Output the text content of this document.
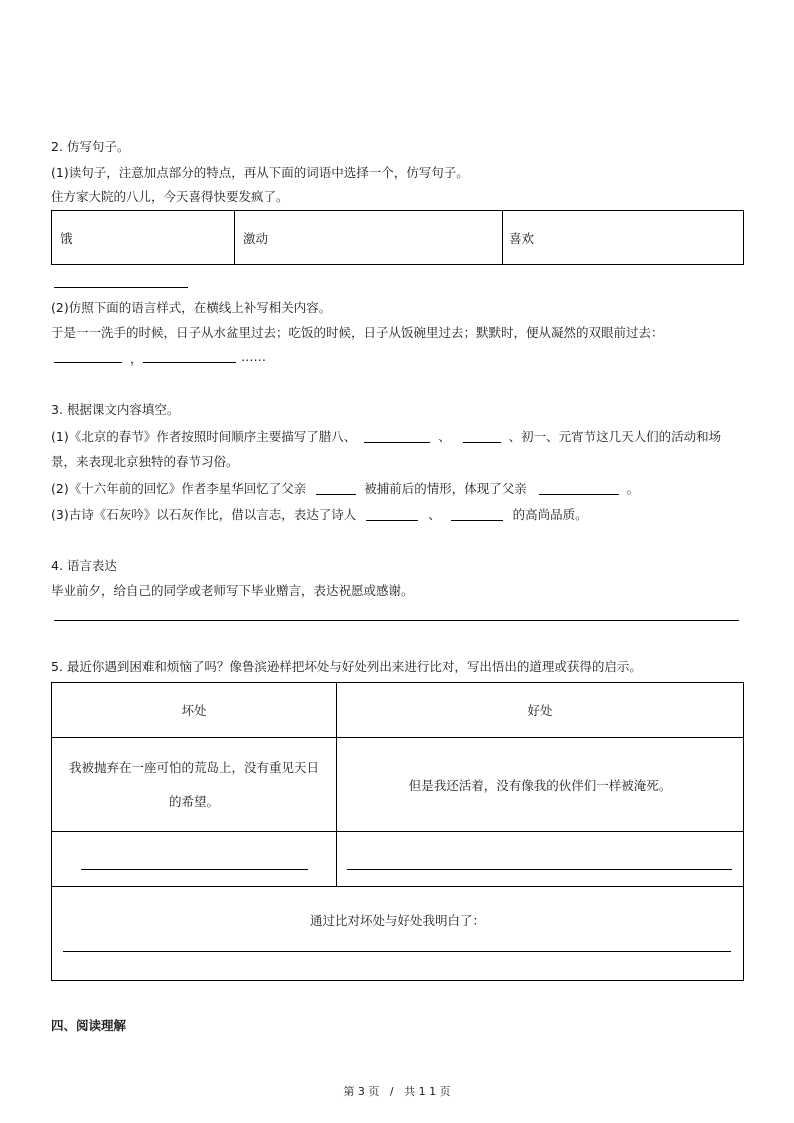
2. 仿写句子。
(1)读句子，注意加点部分的特点，再从下面的词语中选择一个，仿写句子。
住方家大院的八儿，今天喜得快要发疯了。
饿	激动	喜欢
(2)仿照下面的语言样式，在横线上补写相关内容。
于是一一洗手的时候，日子从水盆里过去；吃饭的时候，日子从饭碗里过去；默默时，便从凝然的双眼前过去：
，	……
3. 根据课文内容填空。
(1)《北京的春节》作者按照时间顺序主要描写了腊八、	、	、初一、元宵节这几天人们的活动和场
景，来表现北京独特的春节习俗。
(2)《十六年前的回忆》作者李星华回忆了父亲	被捕前后的情形，体现了父亲	。
(3)古诗《石灰吟》以石灰作比，借以言志，表达了诗人	、	的高尚品质。
4. 语言表达
毕业前夕，给自己的同学或老师写下毕业赠言，表达祝愿或感谢。
5. 最近你遇到困难和烦恼了吗？像鲁滨逊样把坏处与好处列出来进行比对，写出悟出的道理或获得的启示。
坏处	好处

我被抛弃在一座可怕的荒岛上，没有重见天日
的希望。	但是我还活着，没有像我的伙伴们一样被淹死。

通过比对坏处与好处我明白了：	
四、阅读理解
第 3 页   /   共 1 1 页
